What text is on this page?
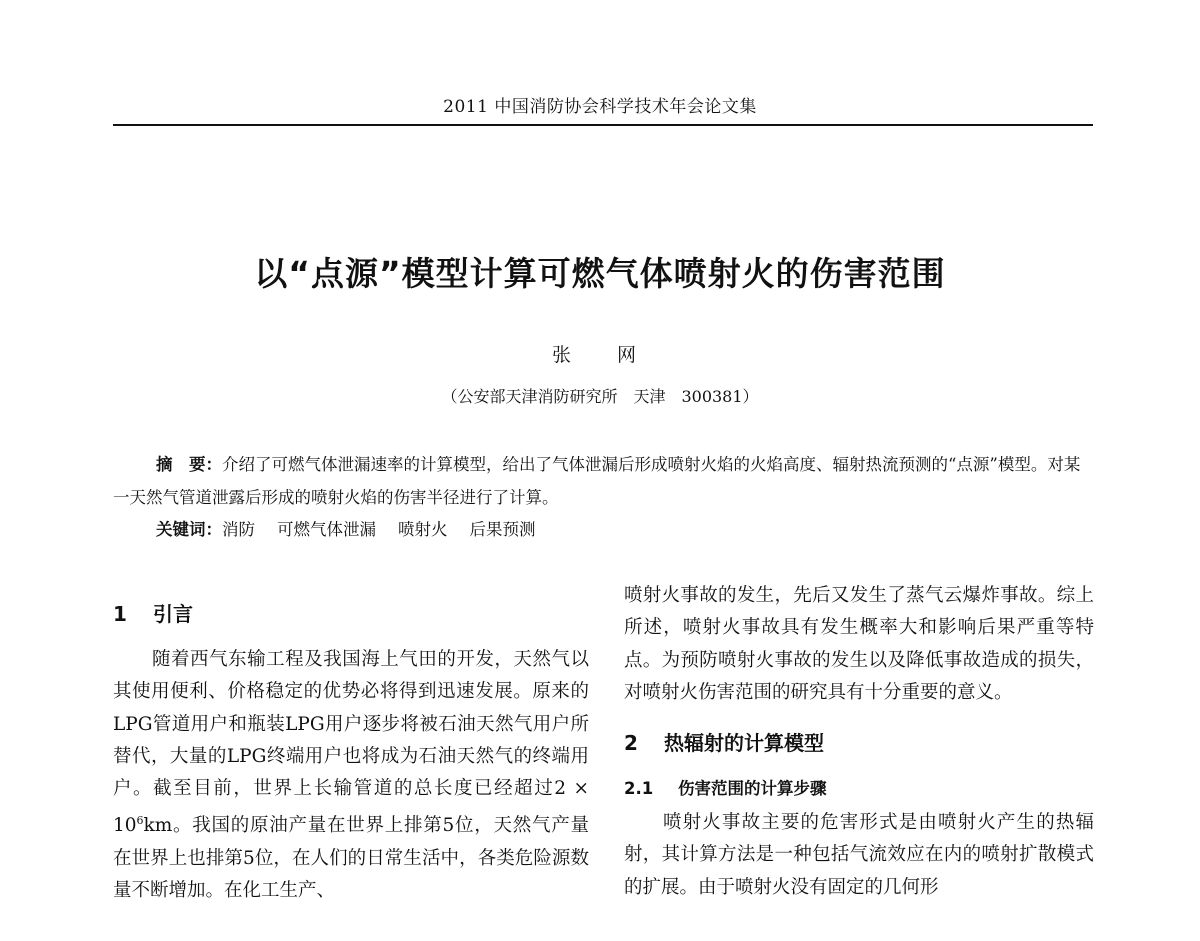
2011 中国消防协会科学技术年会论文集
以“点源”模型计算可燃气体喷射火的伤害范围
张 网
（公安部天津消防研究所　天津　300381）
摘　要：介绍了可燃气体泄漏速率的计算模型，给出了气体泄漏后形成喷射火焰的火焰高度、辐射热流预测的“点源”模型。对某一天然气管道泄露后形成的喷射火焰的伤害半径进行了计算。
关键词：消防 可燃气体泄漏 喷射火 后果预测
1 引言

随着西气东输工程及我国海上气田的开发，天然气以其使用便利、价格稳定的优势必将得到迅速发展。原来的LPG管道用户和瓶装LPG用户逐步将被石油天然气用户所替代，大量的LPG终端用户也将成为石油天然气的终端用户。截至目前，世界上长输管道的总长度已经超过$2 \times 10^6km$。我国的原油产量在世界上排第5位，天然气产量在世界上也排第5位，在人们的日常生活中，各类危险源数量不断增加。在化工生产、

喷射火事故的发生，先后又发生了蒸气云爆炸事故。综上所述，喷射火事故具有发生概率大和影响后果严重等特点。为预防喷射火事故的发生以及降低事故造成的损失，对喷射火伤害范围的研究具有十分重要的意义。

2 热辐射的计算模型
2.1 伤害范围的计算步骤

喷射火事故主要的危害形式是由喷射火产生的热辐射，其计算方法是一种包括气流效应在内的喷射扩散模式的扩展。由于喷射火没有固定的几何形
